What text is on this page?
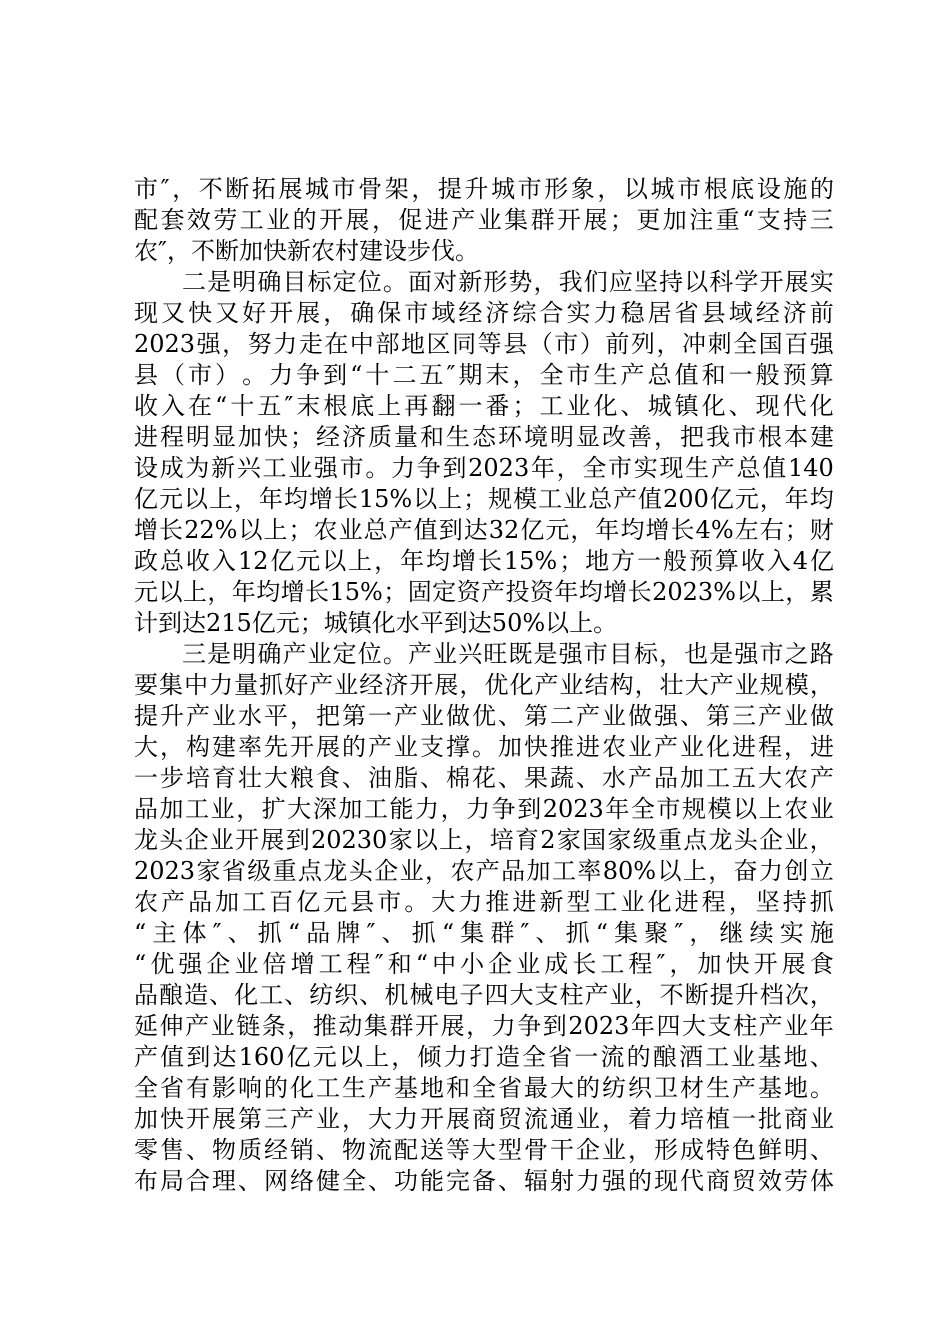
市 ″ ， 不 断 拓 展 城 市 骨 架 ， 提 升 城 市 形 象 ， 以 城 市 根 底 设 施 的
配 套 效 劳 工 业 的 开 展 ， 促 进 产 业 集 群 开 展 ； 更 加 注 重 “ 支 持 三
农″，不断加快新农村建设步伐。
二 是 明 确 目 标 定 位 。 面 对 新 形 势 ， 我 们 应 坚 持 以 科 学 开 展 实
现 又 快 又 好 开 展 ， 确 保 市 域 经 济 综 合 实 力 稳 居 省 县 域 经 济 前
2023 强 ， 努 力 走 在 中 部 地 区 同 等 县 （ 市 ） 前 列 ， 冲 刺 全 国 百 强
县 （ 市 ） 。 力 争 到 “ 十 二 五 ″ 期 末 ， 全 市 生 产 总 值 和 一 般 预 算
收 入 在 “ 十 五 ″ 末 根 底 上 再 翻 一 番 ； 工 业 化 、 城 镇 化 、 现 代 化
进 程 明 显 加 快 ； 经 济 质 量 和 生 态 环 境 明 显 改 善 ， 把 我 市 根 本 建
设 成 为 新 兴 工 业 强 市 。 力 争 到 2023 年 ， 全 市 实 现 生 产 总 值 140
亿 元 以 上 ， 年 均 增 长 15% 以 上 ； 规 模 工 业 总 产 值 200 亿 元 ， 年 均
增 长 22% 以 上 ； 农 业 总 产 值 到 达 32 亿 元 ， 年 均 增 长 4% 左 右 ； 财
政 总 收 入 12 亿 元 以 上 ， 年 均 增 长 15% ； 地 方 一 般 预 算 收 入 4 亿
元 以 上 ， 年 均 增 长 15% ； 固 定 资 产 投 资 年 均 增 长 2023% 以 上 ， 累
计到达215亿元；城镇化水平到达50%以上。
三 是 明 确 产 业 定 位 。 产 业 兴 旺 既 是 强 市 目 标 ， 也 是 强 市 之 路
要 集 中 力 量 抓 好 产 业 经 济 开 展 ， 优 化 产 业 结 构 ， 壮 大 产 业 规 模 ，
提 升 产 业 水 平 ， 把 第 一 产 业 做 优 、 第 二 产 业 做 强 、 第 三 产 业 做
大 ， 构 建 率 先 开 展 的 产 业 支 撑 。 加 快 推 进 农 业 产 业 化 进 程 ， 进
一 步 培 育 壮 大 粮 食 、 油 脂 、 棉 花 、 果 蔬 、 水 产 品 加 工 五 大 农 产
品 加 工 业 ， 扩 大 深 加 工 能 力 ， 力 争 到 2023 年 全 市 规 模 以 上 农 业
龙 头 企 业 开 展 到 20230 家 以 上 ， 培 育 2 家 国 家 级 重 点 龙 头 企 业 ，
2023 家 省 级 重 点 龙 头 企 业 ， 农 产 品 加 工 率 80% 以 上 ， 奋 力 创 立
农 产 品 加 工 百 亿 元 县 市 。 大 力 推 进 新 型 工 业 化 进 程 ， 坚 持 抓
“ 主 体 ″ 、 抓 “ 品 牌 ″ 、 抓 “ 集 群 ″ 、 抓 “ 集 聚 ″ ， 继 续 实 施
“ 优 强 企 业 倍 增 工 程 ″ 和 “ 中 小 企 业 成 长 工 程 ″ ， 加 快 开 展 食
品 酿 造 、 化 工 、 纺 织 、 机 械 电 子 四 大 支 柱 产 业 ， 不 断 提 升 档 次 ，
延 伸 产 业 链 条 ， 推 动 集 群 开 展 ， 力 争 到 2023 年 四 大 支 柱 产 业 年
产 值 到 达 160 亿 元 以 上 ， 倾 力 打 造 全 省 一 流 的 酿 酒 工 业 基 地 、
全 省 有 影 响 的 化 工 生 产 基 地 和 全 省 最 大 的 纺 织 卫 材 生 产 基 地 。
加 快 开 展 第 三 产 业 ， 大 力 开 展 商 贸 流 通 业 ， 着 力 培 植 一 批 商 业
零 售 、 物 质 经 销 、 物 流 配 送 等 大 型 骨 干 企 业 ， 形 成 特 色 鲜 明 、
布 局 合 理 、 网 络 健 全 、 功 能 完 备 、 辐 射 力 强 的 现 代 商 贸 效 劳 体
